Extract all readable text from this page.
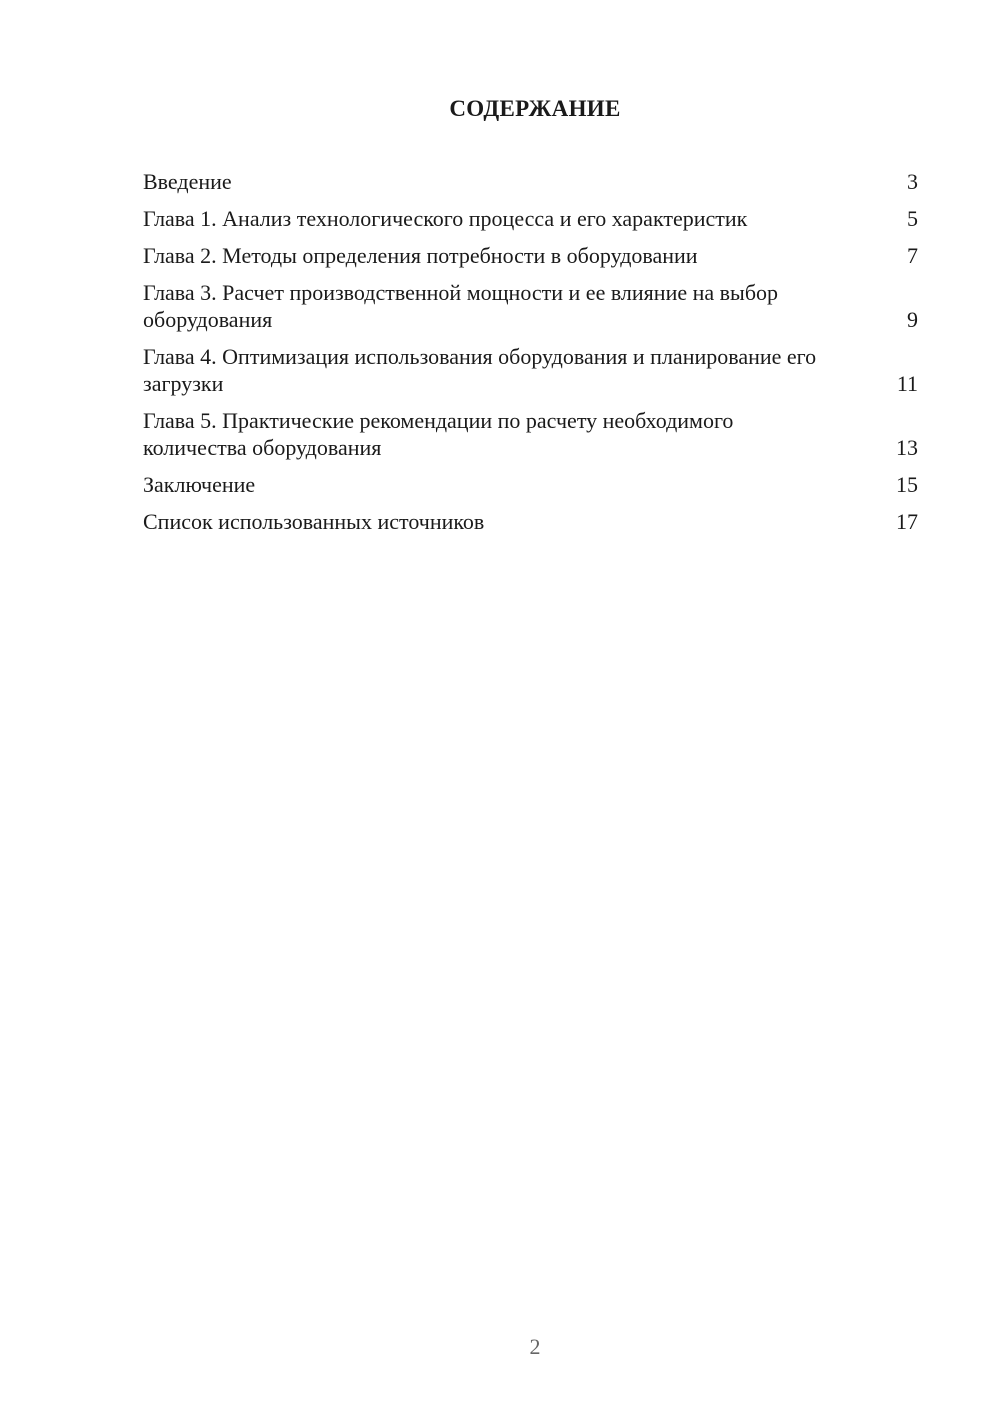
СОДЕРЖАНИЕ
Введение	3
Глава 1. Анализ технологического процесса и его характеристик	5
Глава 2. Методы определения потребности в оборудовании	7
Глава 3. Расчет производственной мощности и ее влияние на выбор оборудования	9
Глава 4. Оптимизация использования оборудования и планирование его загрузки	11
Глава 5. Практические рекомендации по расчету необходимого количества оборудования	13
Заключение	15
Список использованных источников	17
2
